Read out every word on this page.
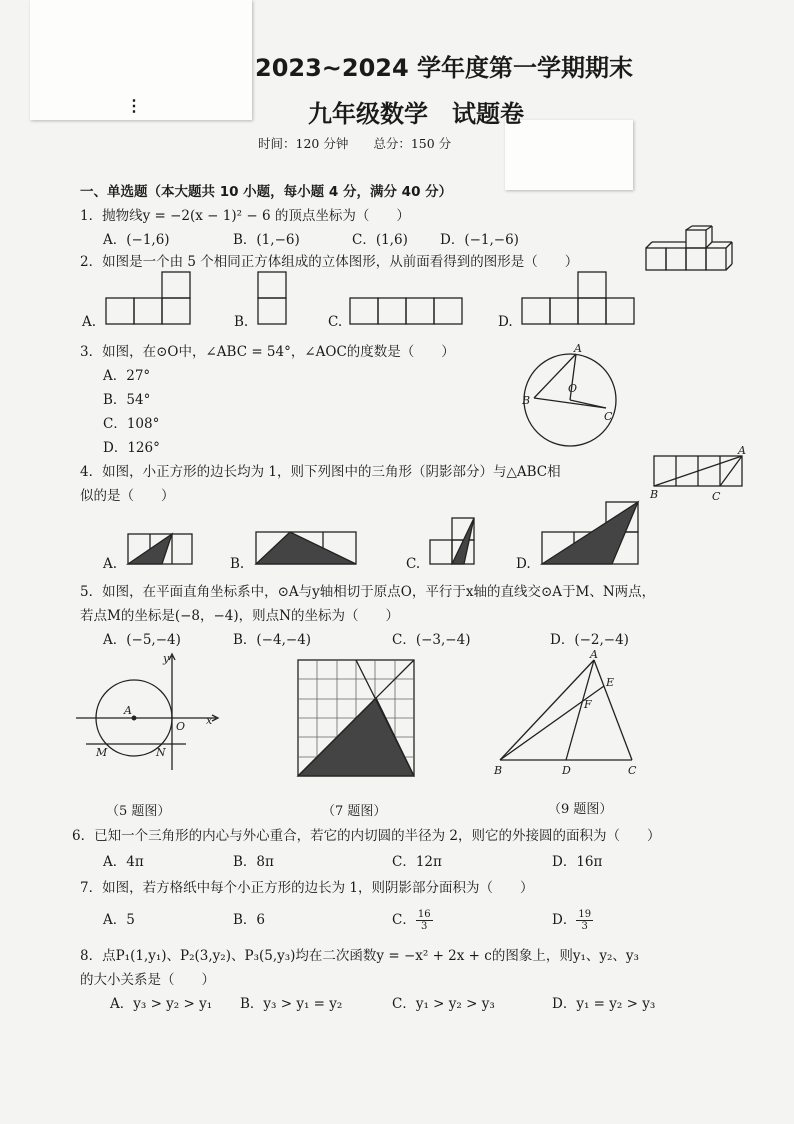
⋮
2023~2024 学年度第一学期期末
九年级数学　试题卷
时间：120 分钟　　总分：150 分
一、单选题（本大题共 10 小题，每小题 4 分，满分 40 分）
1．抛物线y = −2(x − 1)² − 6 的顶点坐标为（　　）
A．(−1,6)	B．(1,−6)	C．(1,6) D．(−1,−6)
2．如图是一个由 5 个相同正方体组成的立体图形，从前面看得到的图形是（　　）
A.	B.	C.	D.
3．如图，在⊙O中，∠ABC = 54°，∠AOC的度数是（　　）
A．27°
B．54°
C．108°
D．126°
A
B
C
O
4．如图，小正方形的边长均为 1，则下列图中的三角形（阴影部分）与△ABC相
似的是（　　）
A
B	C
A.	B.	C.	D.
5．如图，在平面直角坐标系中，⊙A与y轴相切于原点O，平行于x轴的直线交⊙A于M、N两点，
若点M的坐标是(−8，−4)，则点N的坐标为（　　）
A．(−5,−4)	B．(−4,−4)	C．(−3,−4)	D．(−2,−4)
y
x
A
O
M	N
（5 题图）	（7 题图）
A
E
F
B	D	C
（9 题图）
6．已知一个三角形的内心与外心重合，若它的内切圆的半径为 2，则它的外接圆的面积为（　　）
A．4π	B．8π	C．12π	D．16π
7．如图，若方格纸中每个小正方形的边长为 1，则阴影部分面积为（　　）
A．5	B．6	C． $\frac{16}{3}$	D． $\frac{19}{3}$
8．点P₁(1,y₁)、P₂(3,y₂)、P₃(5,y₃)均在二次函数y = −x² + 2x + c的图象上，则y₁、y₂、y₃
的大小关系是（　　）
A．y₃ > y₂ > y₁ B．y₃ > y₁ = y₂	C．y₁ > y₂ > y₃	D．y₁ = y₂ > y₃
